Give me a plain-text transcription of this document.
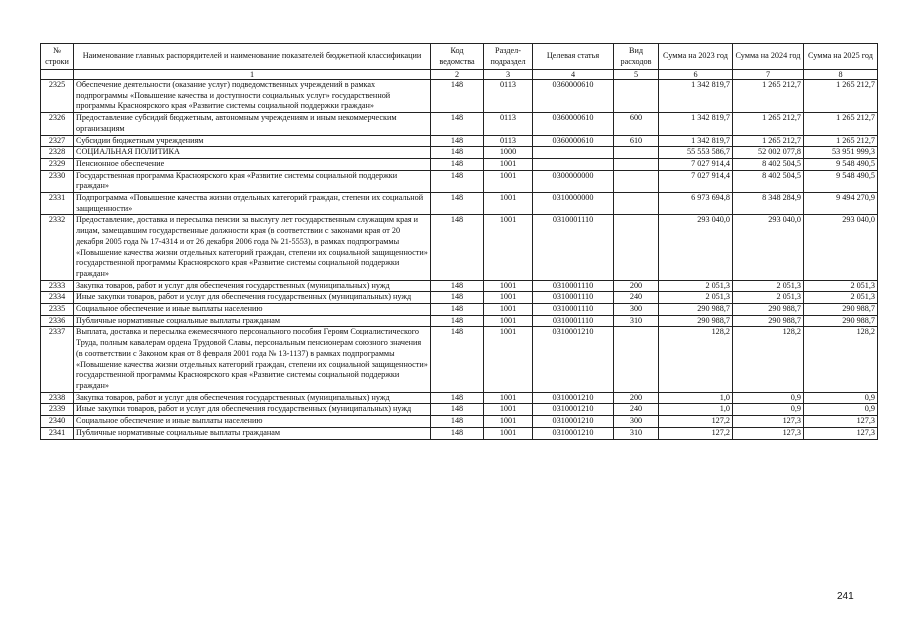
№ строки	Наименование главных распорядителей и наименование показателей бюджетной классификации	Код ведомства	Раздел-подраздел	Целевая статья	Вид расходов	Сумма на 2023 год	Сумма на 2024 год	Сумма на 2025 год
	1	2	3	4	5	6	7	8
2325	Обеспечение деятельности (оказание услуг) подведомственных учреждений в рамках подпрограммы «Повышение качества и доступности социальных услуг» государственной программы Красноярского края «Развитие системы социальной поддержки граждан»	148	0113	0360000610		1 342 819,7	1 265 212,7	1 265 212,7
2326	Предоставление субсидий бюджетным, автономным учреждениям и иным некоммерческим организациям	148	0113	0360000610	600	1 342 819,7	1 265 212,7	1 265 212,7
2327	Субсидии бюджетным учреждениям	148	0113	0360000610	610	1 342 819,7	1 265 212,7	1 265 212,7
2328	СОЦИАЛЬНАЯ ПОЛИТИКА	148	1000			55 553 586,7	52 002 077,8	53 951 999,3
2329	Пенсионное обеспечение	148	1001			7 027 914,4	8 402 504,5	9 548 490,5
2330	Государственная программа Красноярского края «Развитие системы социальной поддержки граждан»	148	1001	0300000000		7 027 914,4	8 402 504,5	9 548 490,5
2331	Подпрограмма «Повышение качества жизни отдельных категорий граждан, степени их социальной защищенности»	148	1001	0310000000		6 973 694,8	8 348 284,9	9 494 270,9
2332	Предоставление, доставка и пересылка пенсии за выслугу лет государственным служащим края и лицам, замещавшим государственные должности края (в соответствии с законами края от 20 декабря 2005 года № 17-4314 и от 26 декабря 2006 года № 21-5553), в рамках подпрограммы «Повышение качества жизни отдельных категорий граждан, степени их социальной защищенности» государственной программы Красноярского края «Развитие системы социальной поддержки граждан»	148	1001	0310001110		293 040,0	293 040,0	293 040,0
2333	Закупка товаров, работ и услуг для обеспечения государственных (муниципальных) нужд	148	1001	0310001110	200	2 051,3	2 051,3	2 051,3
2334	Иные закупки товаров, работ и услуг для обеспечения государственных (муниципальных) нужд	148	1001	0310001110	240	2 051,3	2 051,3	2 051,3
2335	Социальное обеспечение и иные выплаты населению	148	1001	0310001110	300	290 988,7	290 988,7	290 988,7
2336	Публичные нормативные социальные выплаты гражданам	148	1001	0310001110	310	290 988,7	290 988,7	290 988,7
2337	Выплата, доставка и пересылка ежемесячного персонального пособия Героям Социалистического Труда, полным кавалерам ордена Трудовой Славы, персональным пенсионерам союзного значения (в соответствии с Законом края от 8 февраля 2001 года № 13-1137) в рамках подпрограммы «Повышение качества жизни отдельных категорий граждан, степени их социальной защищенности» государственной программы Красноярского края «Развитие системы социальной поддержки граждан»	148	1001	0310001210		128,2	128,2	128,2
2338	Закупка товаров, работ и услуг для обеспечения государственных (муниципальных) нужд	148	1001	0310001210	200	1,0	0,9	0,9
2339	Иные закупки товаров, работ и услуг для обеспечения государственных (муниципальных) нужд	148	1001	0310001210	240	1,0	0,9	0,9
2340	Социальное обеспечение и иные выплаты населению	148	1001	0310001210	300	127,2	127,3	127,3
2341	Публичные нормативные социальные выплаты гражданам	148	1001	0310001210	310	127,2	127,3	127,3
241
